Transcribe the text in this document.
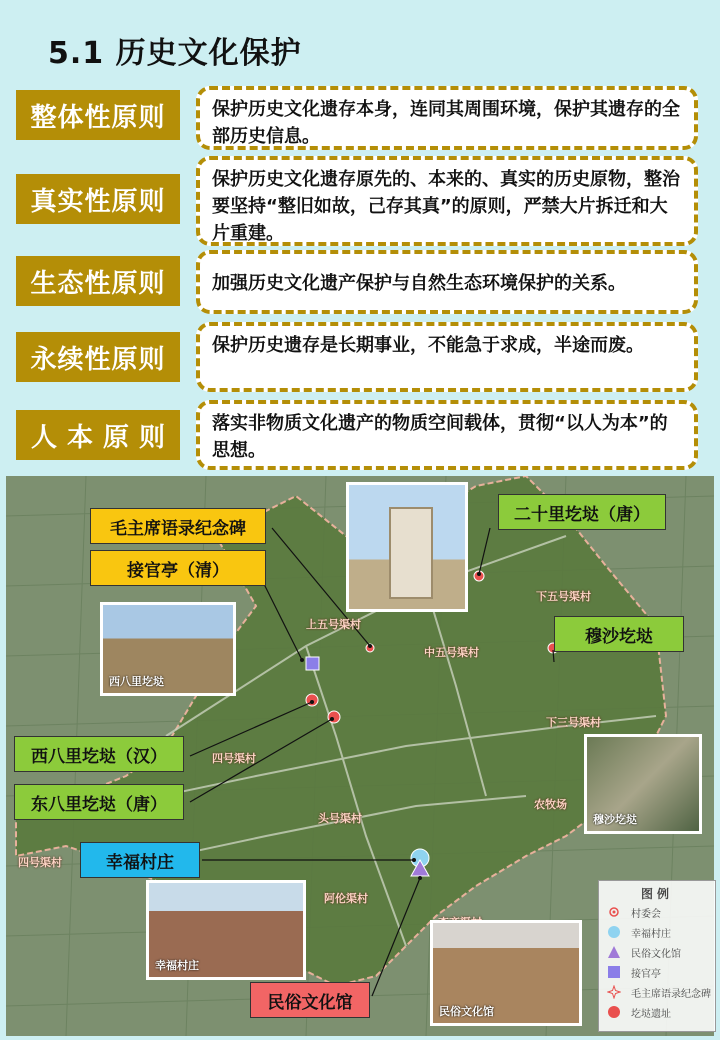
5.1 历史文化保护
整体性原则	保护历史文化遗存本身，连同其周围环境，保护其遗存的全部历史信息。
真实性原则
保护历史文化遗存原先的、本来的、真实的历史原物，整治要坚持“整旧如故，己存其真”的原则，严禁大片拆迁和大片重建。
生态性原则	加强历史文化遗产保护与自然生态环境保护的关系。
永续性原则	保护历史遗存是长期事业，不能急于求成，半途而废。
人本原则	落实非物质文化遗产的物质空间载体，贯彻“以人为本”的思想。
上五号渠村
中五号渠村
下五号渠村
下三号渠村
四号渠村
头号渠村
农牧场
四号渠村
阿伦渠村
西八里圪垯
穆沙圪垯
幸福村庄
民俗文化馆
毛主席语录纪念碑
接官亭（清）
二十里圪垯（唐）
穆沙圪垯
西八里圪垯（汉）
东八里圪垯（唐）
幸福村庄
民俗文化馆
图例
村委会
幸福村庄
民俗文化馆
接官亭
毛主席语录纪念碑
圪垯遗址
